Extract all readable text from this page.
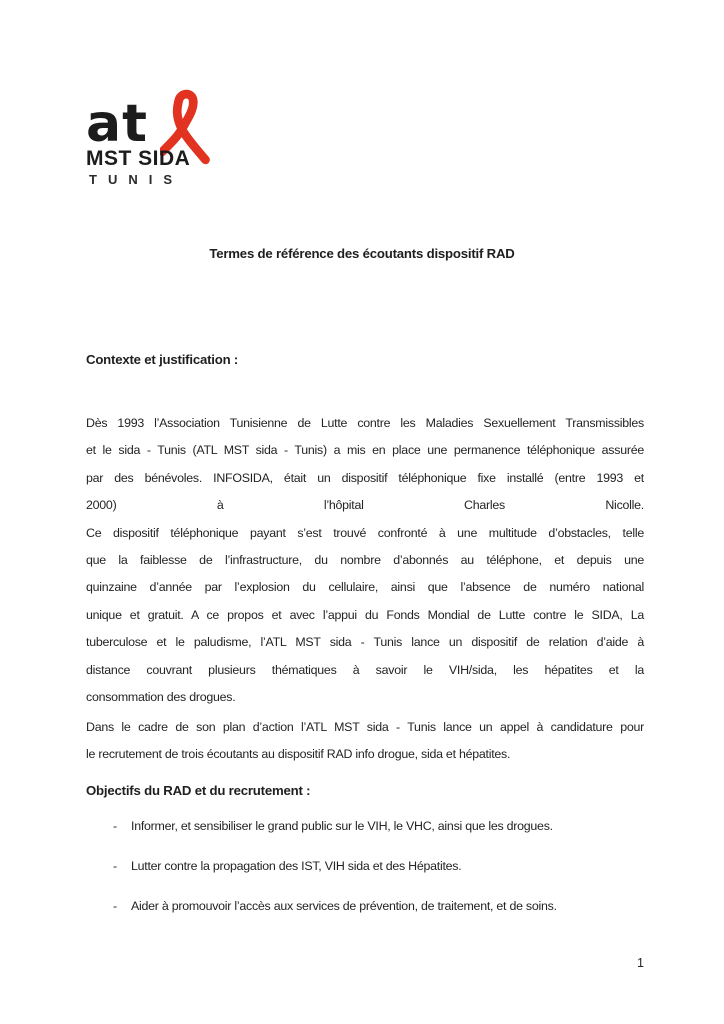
at
MST SIDA
TUNIS
Termes de référence des écoutants dispositif RAD
Contexte et justification :
Dès 1993 l’Association Tunisienne de Lutte contre les Maladies Sexuellement Transmissibles
et le sida - Tunis (ATL MST sida - Tunis) a mis en place une permanence téléphonique assurée
par des bénévoles. INFOSIDA, était un dispositif téléphonique fixe installé (entre 1993 et
2000) à l’hôpital Charles Nicolle.
Ce dispositif téléphonique payant s’est trouvé confronté à une multitude d’obstacles, telle
que la faiblesse de l’infrastructure, du nombre d’abonnés au téléphone, et depuis une
quinzaine d’année par l’explosion du cellulaire, ainsi que l’absence de numéro national
unique et gratuit. A ce propos et avec l’appui du Fonds Mondial de Lutte contre le SIDA, La
tuberculose et le paludisme, l’ATL MST sida - Tunis lance un dispositif de relation d’aide à
distance couvrant plusieurs thématiques à savoir le VIH/sida, les hépatites et la
consommation des drogues.
Dans le cadre de son plan d’action l’ATL MST sida - Tunis lance un appel à candidature pour
le recrutement de trois écoutants au dispositif RAD info drogue, sida et hépatites.
Objectifs du RAD et du recrutement :
- Informer, et sensibiliser le grand public sur le VIH, le VHC, ainsi que les drogues.
- Lutter contre la propagation des IST, VIH sida et des Hépatites.
- Aider à promouvoir l’accès aux services de prévention, de traitement, et de soins.
1
